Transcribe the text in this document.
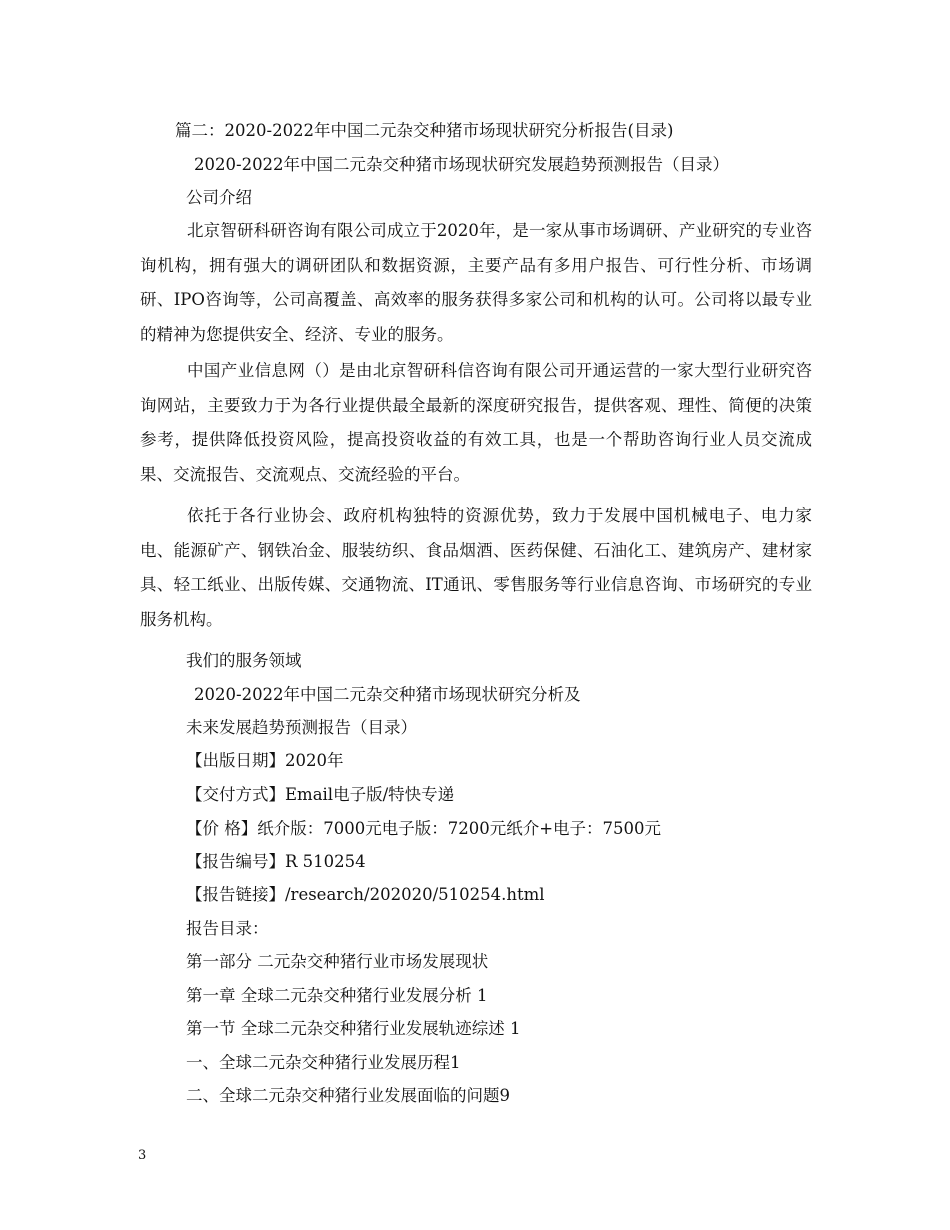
篇二：2020-2022年中国二元杂交种猪市场现状研究分析报告(目录)
2020-2022年中国二元杂交种猪市场现状研究发展趋势预测报告（目录）
公司介绍
北京智研科研咨询有限公司成立于2020年，是一家从事市场调研、产业研究的专业咨询机构，拥有强大的调研团队和数据资源，主要产品有多用户报告、可行性分析、市场调研、IPO咨询等，公司高覆盖、高效率的服务获得多家公司和机构的认可。公司将以最专业的精神为您提供安全、经济、专业的服务。
中国产业信息网（）是由北京智研科信咨询有限公司开通运营的一家大型行业研究咨询网站，主要致力于为各行业提供最全最新的深度研究报告，提供客观、理性、简便的决策参考，提供降低投资风险，提高投资收益的有效工具，也是一个帮助咨询行业人员交流成果、交流报告、交流观点、交流经验的平台。
依托于各行业协会、政府机构独特的资源优势，致力于发展中国机械电子、电力家电、能源矿产、钢铁冶金、服装纺织、食品烟酒、医药保健、石油化工、建筑房产、建材家具、轻工纸业、出版传媒、交通物流、IT通讯、零售服务等行业信息咨询、市场研究的专业服务机构。
我们的服务领域
2020-2022年中国二元杂交种猪市场现状研究分析及
未来发展趋势预测报告（目录）
【出版日期】2020年
【交付方式】Email电子版/特快专递
【价 格】纸介版：7000元电子版：7200元纸介+电子：7500元
【报告编号】R 510254
【报告链接】/research/202020/510254.html
报告目录：
第一部分 二元杂交种猪行业市场发展现状
第一章 全球二元杂交种猪行业发展分析 1
第一节 全球二元杂交种猪行业发展轨迹综述 1
一、全球二元杂交种猪行业发展历程1
二、全球二元杂交种猪行业发展面临的问题9
3
